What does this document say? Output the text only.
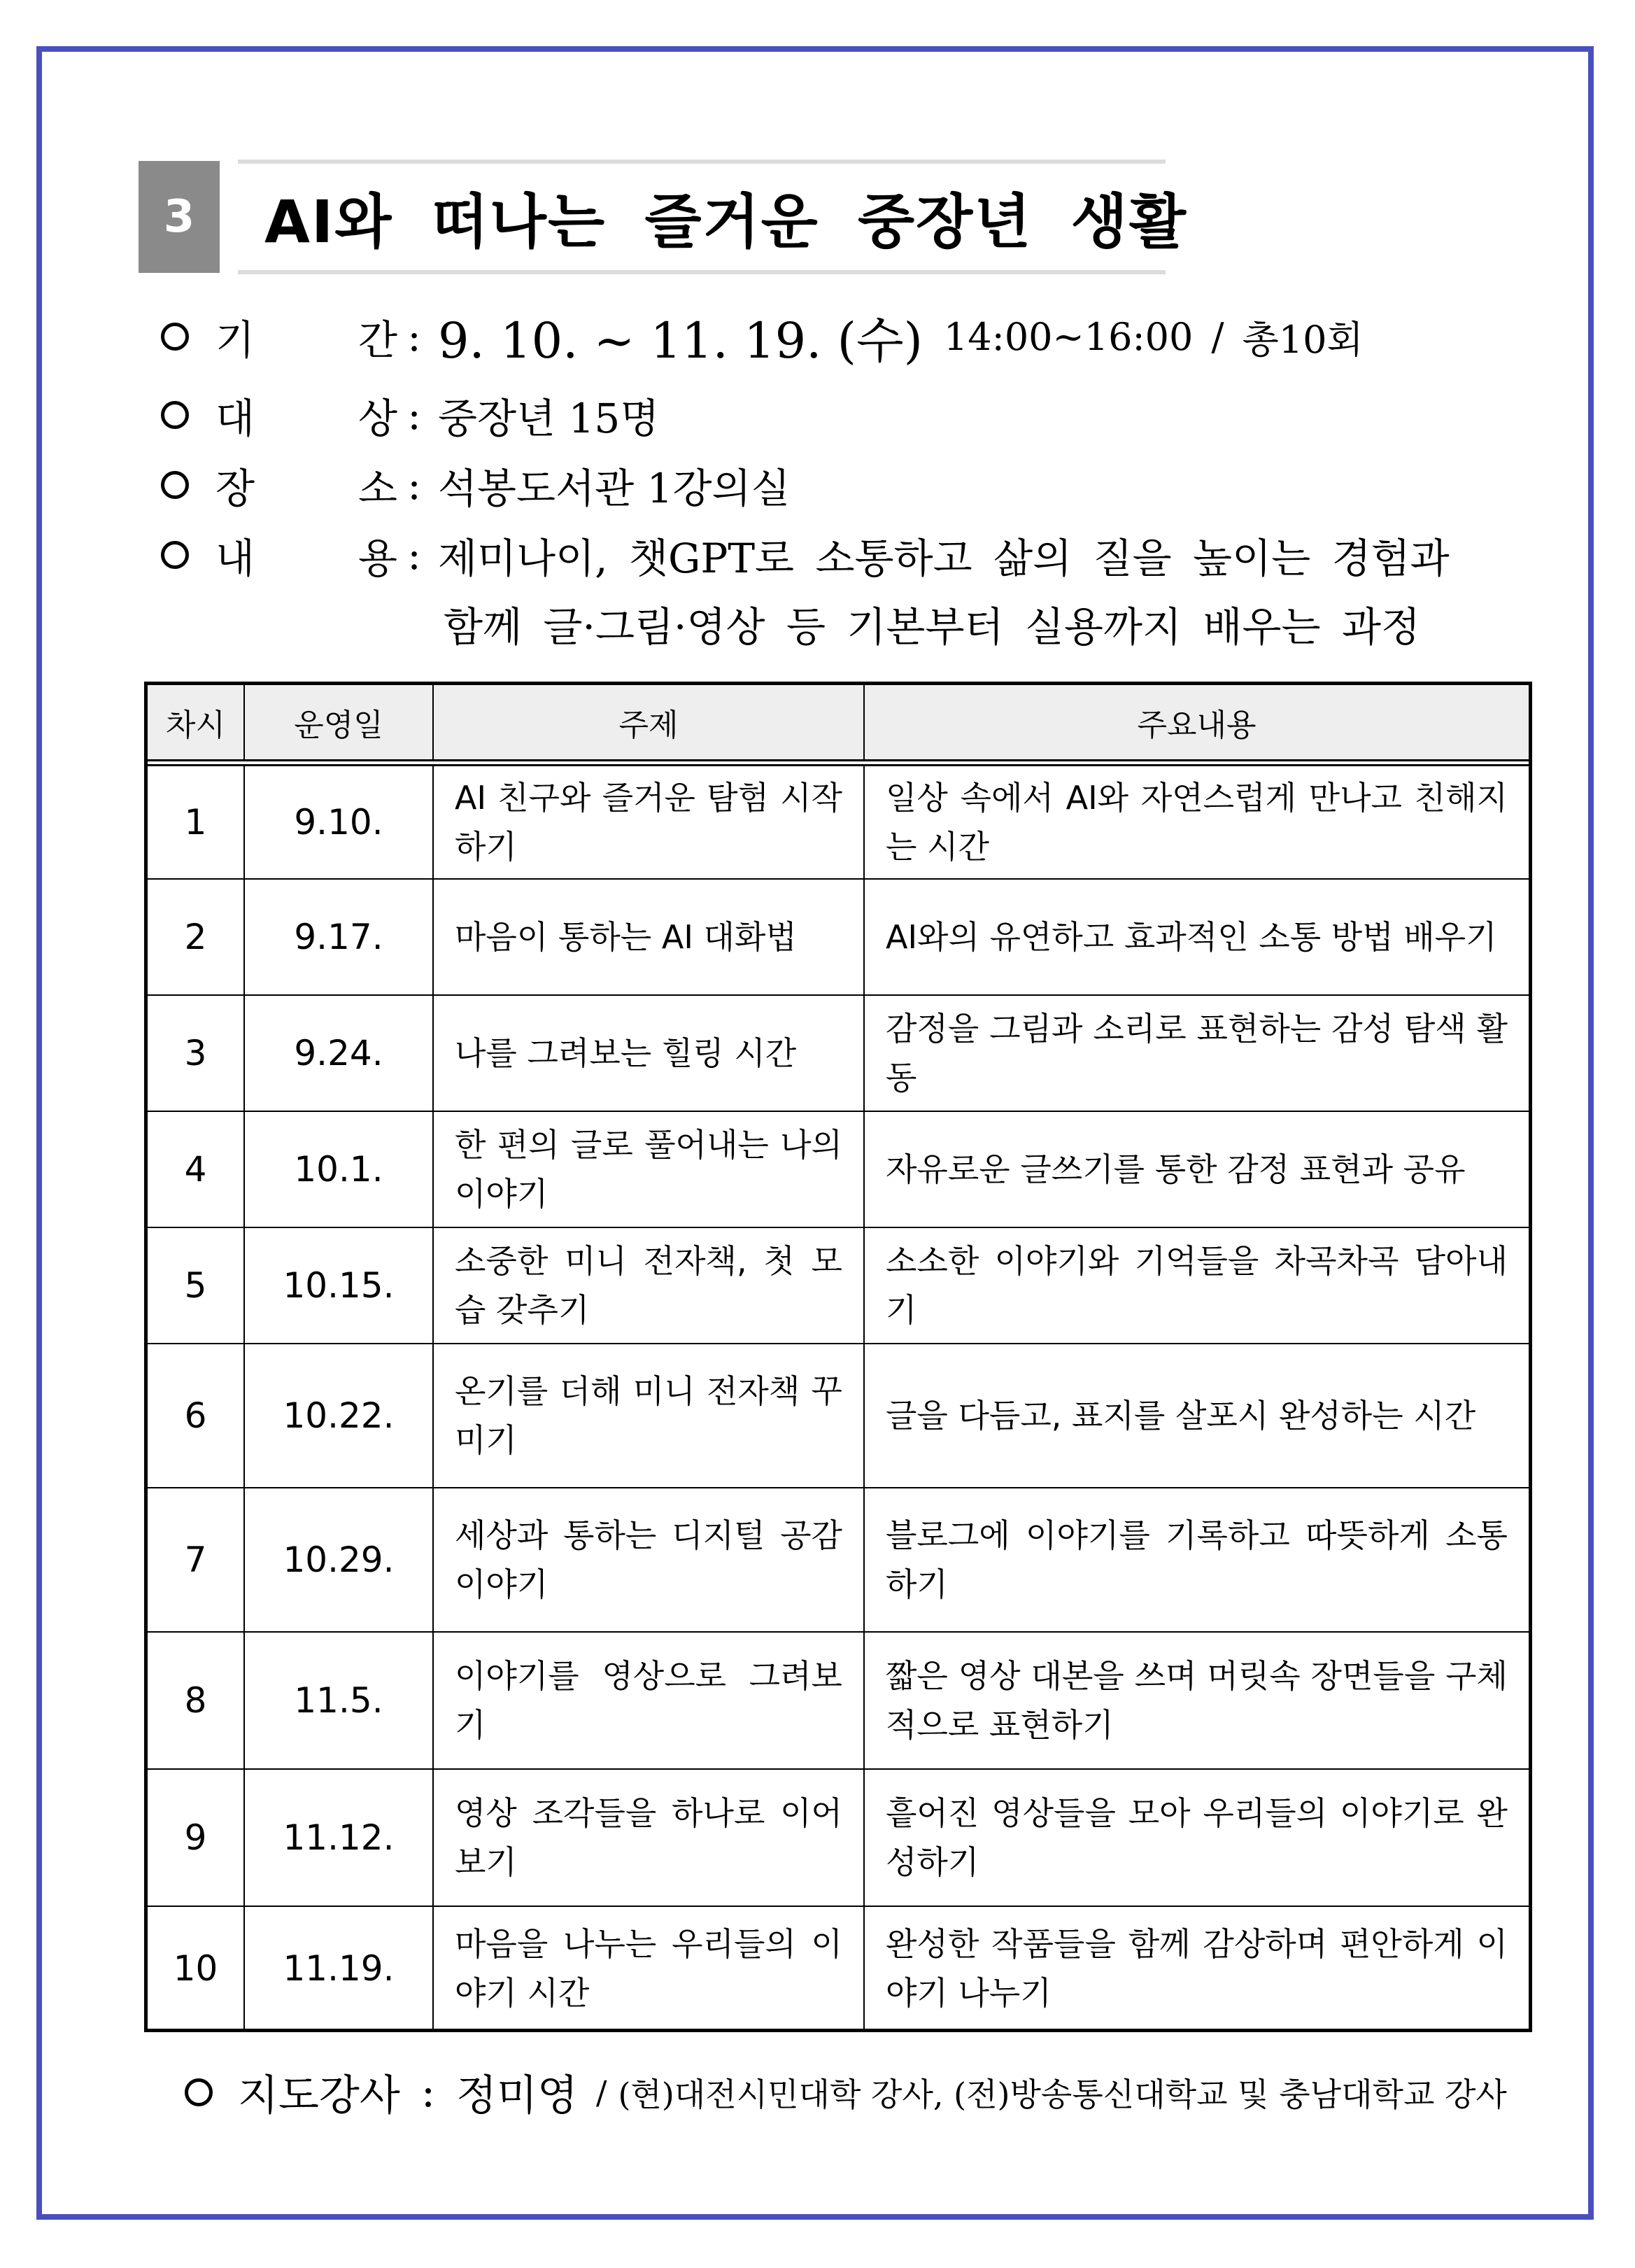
3	AI와 떠나는 즐거운 중장년 생활
기	간 : 9. 10. ~ 11. 19. (수) 14:00~16:00 / 총10회
대	상 : 중장년 15명
장	소 : 석봉도서관 1강의실
내	용 : 제미나이, 챗GPT로 소통하고 삶의 질을 높이는 경험과
함께 글·그림·영상 등 기본부터 실용까지 배우는 과정
차시	운영일	주제	주요내용
1	9.10.	AI 친구와 즐거운 탐험 시작하기	일상 속에서 AI와 자연스럽게 만나고 친해지는 시간
2	9.17.	마음이 통하는 AI 대화법	AI와의 유연하고 효과적인 소통 방법 배우기
3	9.24.	나를 그려보는 힐링 시간	감정을 그림과 소리로 표현하는 감성 탐색 활동
4	10.1.	한 편의 글로 풀어내는 나의 이야기	자유로운 글쓰기를 통한 감정 표현과 공유
5	10.15.	소중한 미니 전자책, 첫 모습 갖추기	소소한 이야기와 기억들을 차곡차곡 담아내기
6	10.22.	온기를 더해 미니 전자책 꾸미기	글을 다듬고, 표지를 살포시 완성하는 시간
7	10.29.	세상과 통하는 디지털 공감 이야기	블로그에 이야기를 기록하고 따뜻하게 소통하기
8	11.5.	이야기를 영상으로 그려보기	짧은 영상 대본을 쓰며 머릿속 장면들을 구체적으로 표현하기
9	11.12.	영상 조각들을 하나로 이어보기	흩어진 영상들을 모아 우리들의 이야기로 완성하기
10	11.19.	마음을 나누는 우리들의 이야기 시간	완성한 작품들을 함께 감상하며 편안하게 이야기 나누기
지도강사 : 정미영 / (현)대전시민대학 강사, (전)방송통신대학교 및 충남대학교 강사
